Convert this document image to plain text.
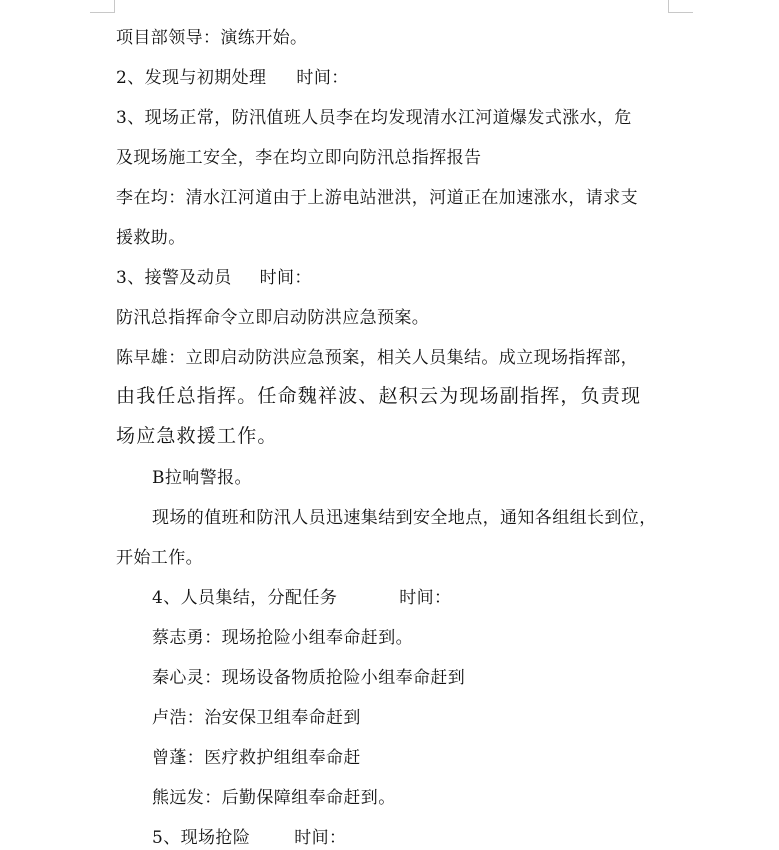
项目部领导：演练开始。
2、发现与初期处理 时间：
3、现场正常，防汛值班人员李在均发现清水江河道爆发式涨水，危
及现场施工安全，李在均立即向防汛总指挥报告
李在均：清水江河道由于上游电站泄洪，河道正在加速涨水，请求支
援救助。
3、接警及动员 时间：
防汛总指挥命令立即启动防洪应急预案。
陈早雄：立即启动防洪应急预案，相关人员集结。成立现场指挥部，
由我任总指挥。任命魏祥波、赵积云为现场副指挥，负责现
场应急救援工作。
B拉响警报。
现场的值班和防汛人员迅速集结到安全地点，通知各组组长到位，
开始工作。
4、人员集结，分配任务	时间：
蔡志勇：现场抢险小组奉命赶到。
秦心灵：现场设备物质抢险小组奉命赶到
卢浩：治安保卫组奉命赶到
曾蓬：医疗救护组组奉命赶
熊远发：后勤保障组奉命赶到。
5、现场抢险	时间：
